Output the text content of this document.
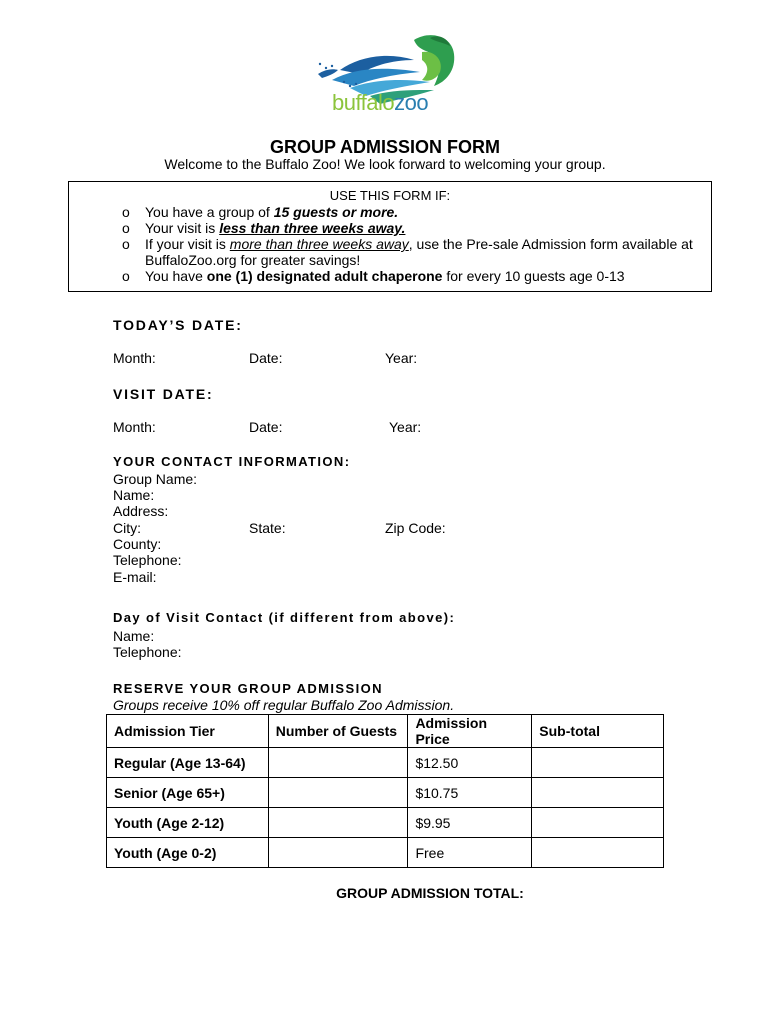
buffalozoo
GROUP ADMISSION FORM
Welcome to the Buffalo Zoo! We look forward to welcoming your group.
USE THIS FORM IF:
o You have a group of 15 guests or more.
o Your visit is less than three weeks away.
o If your visit is more than three weeks away, use the Pre-sale Admission form available at
BuffaloZoo.org for greater savings!
o You have one (1) designated adult chaperone for every 10 guests age 0-13
TODAY’S DATE:
Month:	Date:	Year:
VISIT DATE:
Month:	Date:	Year:
YOUR CONTACT INFORMATION:
Group Name:
Name:
Address:
City:	State:	Zip Code:
County:
Telephone:
E-mail:
Day of Visit Contact (if different from above):
Name:
Telephone:
RESERVE YOUR GROUP ADMISSION
Groups receive 10% off regular Buffalo Zoo Admission.
Admission Tier	Number of Guests	Admission Price	Sub-total
Regular (Age 13-64)		$12.50	
Senior (Age 65+)		$10.75	
Youth (Age 2-12)		$9.95	
Youth (Age 0-2)		Free	
GROUP ADMISSION TOTAL:
